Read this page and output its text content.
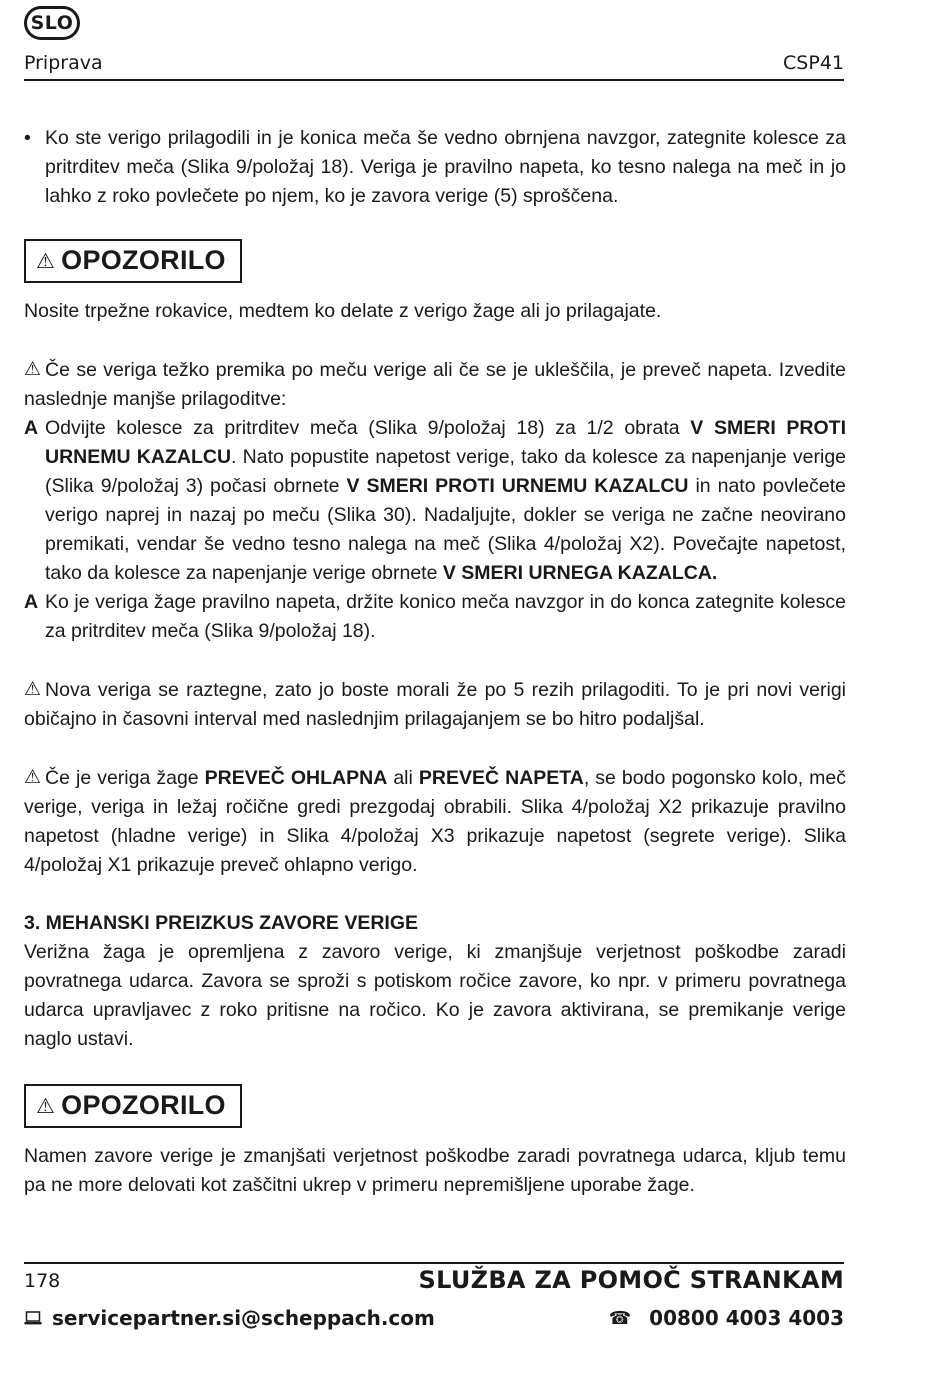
SLO
Priprava	CSP41

• Ko ste verigo prilagodili in je konica meča še vedno obrnjena navzgor, zategnite kolesce za pritrditev meča (Slika 9/položaj 18). Veriga je pravilno napeta, ko tesno nalega na meč in jo lahko z roko povlečete po njem, ko je zavora verige (5) sproščena.

⚠ OPOZORILO

Nosite trpežne rokavice, medtem ko delate z verigo žage ali jo prilagajate.

⚠ Če se veriga težko premika po meču verige ali če se je ukleščila, je preveč napeta. Izvedite naslednje manjše prilagoditve:

A Odvijte kolesce za pritrditev meča (Slika 9/položaj 18) za 1/2 obrata V SMERI PROTI URNEMU KAZALCU. Nato popustite napetost verige, tako da kolesce za napenjanje verige (Slika 9/položaj 3) počasi obrnete V SMERI PROTI URNEMU KAZALCU in nato povlečete verigo naprej in nazaj po meču (Slika 30). Nadaljujte, dokler se veriga ne začne neovirano premikati, vendar še vedno tesno nalega na meč (Slika 4/položaj X2). Povečajte napetost, tako da kolesce za napenjanje verige obrnete V SMERI URNEGA KAZALCA.

A Ko je veriga žage pravilno napeta, držite konico meča navzgor in do konca zategnite kolesce za pritrditev meča (Slika 9/položaj 18).

⚠ Nova veriga se raztegne, zato jo boste morali že po 5 rezih prilagoditi. To je pri novi verigi običajno in časovni interval med naslednjim prilagajanjem se bo hitro podaljšal.

⚠ Če je veriga žage PREVEČ OHLAPNA ali PREVEČ NAPETA, se bodo pogonsko kolo, meč verige, veriga in ležaj ročične gredi prezgodaj obrabili. Slika 4/položaj X2 prikazuje pravilno napetost (hladne verige) in Slika 4/položaj X3 prikazuje napetost (segrete verige). Slika 4/položaj X1 prikazuje preveč ohlapno verigo.

3. MEHANSKI PREIZKUS ZAVORE VERIGE

Verižna žaga je opremljena z zavoro verige, ki zmanjšuje verjetnost poškodbe zaradi povratnega udarca. Zavora se sproži s potiskom ročice zavore, ko npr. v primeru povratnega udarca upravljavec z roko pritisne na ročico. Ko je zavora aktivirana, se premikanje verige naglo ustavi.

⚠ OPOZORILO

Namen zavore verige je zmanjšati verjetnost poškodbe zaradi povratnega udarca, kljub temu pa ne more delovati kot zaščitni ukrep v primeru nepremišljene uporabe žage.

178	SLUŽBA ZA POMOČ STRANKAM
servicepartner.si@scheppach.com	☎ 00800 4003 4003
